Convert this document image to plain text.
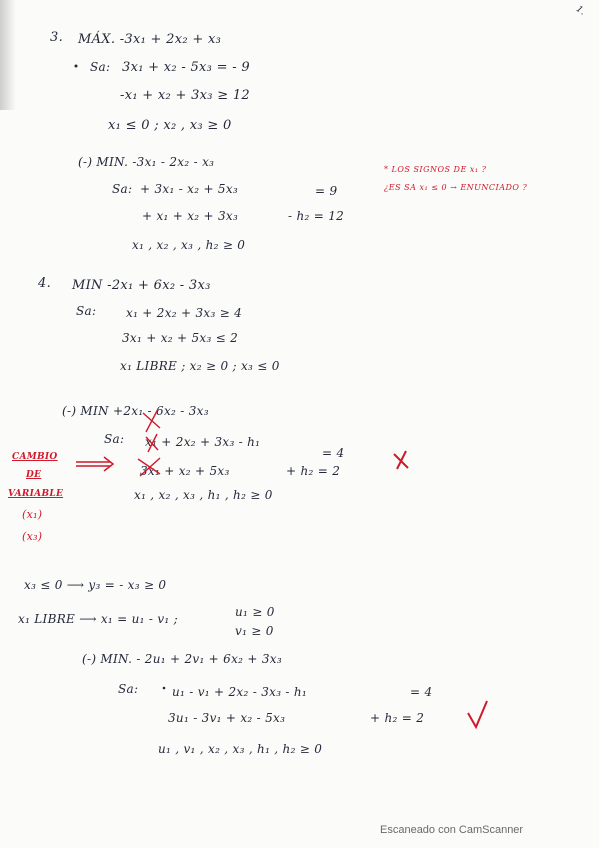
1.
3. MÁX. -3x₁ + 2x₂ + x₃
Sa: 3x₁ + x₂ - 5x₃ = - 9
-x₁ + x₂ + 3x₃ ≥ 12
x₁ ≤ 0 ; x₂ , x₃ ≥ 0
(-) MIN. -3x₁ - 2x₂ - x₃
Sa: + 3x₁ - x₂ + 5x₃	= 9
+ x₁ + x₂ + 3x₃	- h₂ = 12
x₁ , x₂ , x₃ , h₂ ≥ 0
* LOS SIGNOS DE x₁ ?
¿ES SA x₁ ≤ 0 → ENUNCIADO ?
4. MIN -2x₁ + 6x₂ - 3x₃
Sa: x₁ + 2x₂ + 3x₃ ≥ 4
3x₁ + x₂ + 5x₃ ≤ 2
x₁ LIBRE ; x₂ ≥ 0 ; x₃ ≤ 0
(-) MIN +2x₁ - 6x₂ - 3x₃
Sa: x₁ + 2x₂ + 3x₃ - h₁
= 4
3x₁ + x₂ + 5x₃	+ h₂ = 2
x₁ , x₂ , x₃ , h₁ , h₂ ≥ 0
CAMBIO
DE
VARIABLE
(x₁)
(x₃)
x₃ ≤ 0 ⟶ y₃ = - x₃ ≥ 0
x₁ LIBRE ⟶ x₁ = u₁ - v₁ ;	u₁ ≥ 0
v₁ ≥ 0
(-) MIN. - 2u₁ + 2v₁ + 6x₂ + 3x₃
Sa:	u₁ - v₁ + 2x₂ - 3x₃ - h₁	= 4
3u₁ - 3v₁ + x₂ - 5x₃	+ h₂ = 2
u₁ , v₁ , x₂ , x₃ , h₁ , h₂ ≥ 0
Escaneado con CamScanner
